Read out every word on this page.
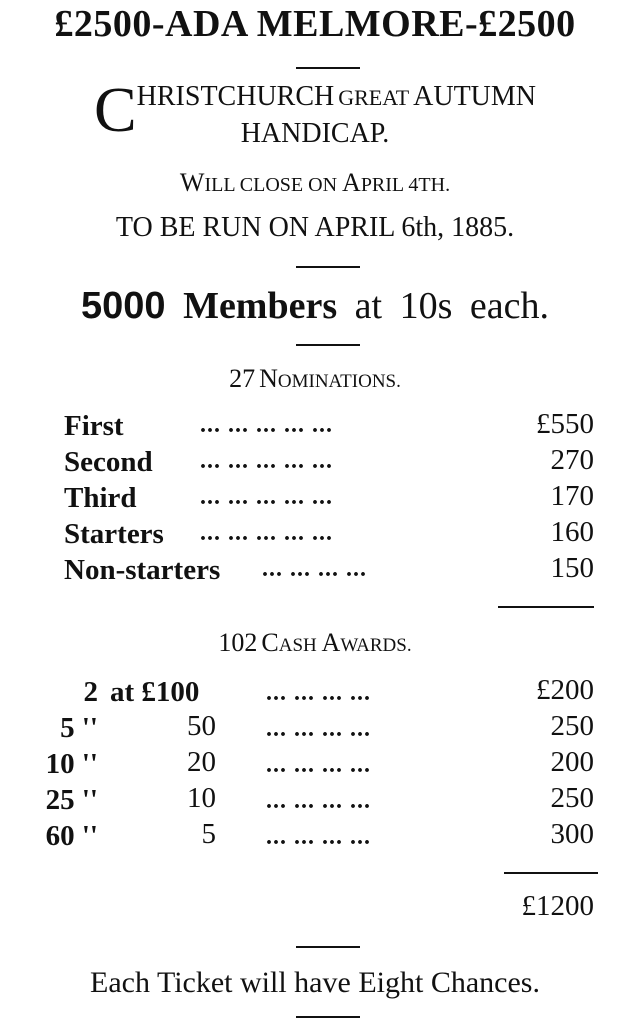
£2500-ADA MELMORE-£2500
CHRISTCHURCH GREAT AUTUMN
HANDICAP.
WILL CLOSE ON APRIL 4TH.
TO BE RUN ON APRIL 6th, 1885.
5000 Members at 10s each.
27 NOMINATIONS.
First	... ... ... ... ...	£550
Second ... ... ... ... ...	270
Third	... ... ... ... ...	170
Starters ... ... ... ... ...	160
Non-starters ... ... ... ...	150
102 CASH AWARDS.
2 at £100	... ... ... ...	£200
5 ''	50 ... ... ... ...	250
10 ''	20 ... ... ... ...	200
25 ''	10 ... ... ... ...	250
60 ''	5 ... ... ... ...	300
£1200
Each Ticket will have Eight Chances.
